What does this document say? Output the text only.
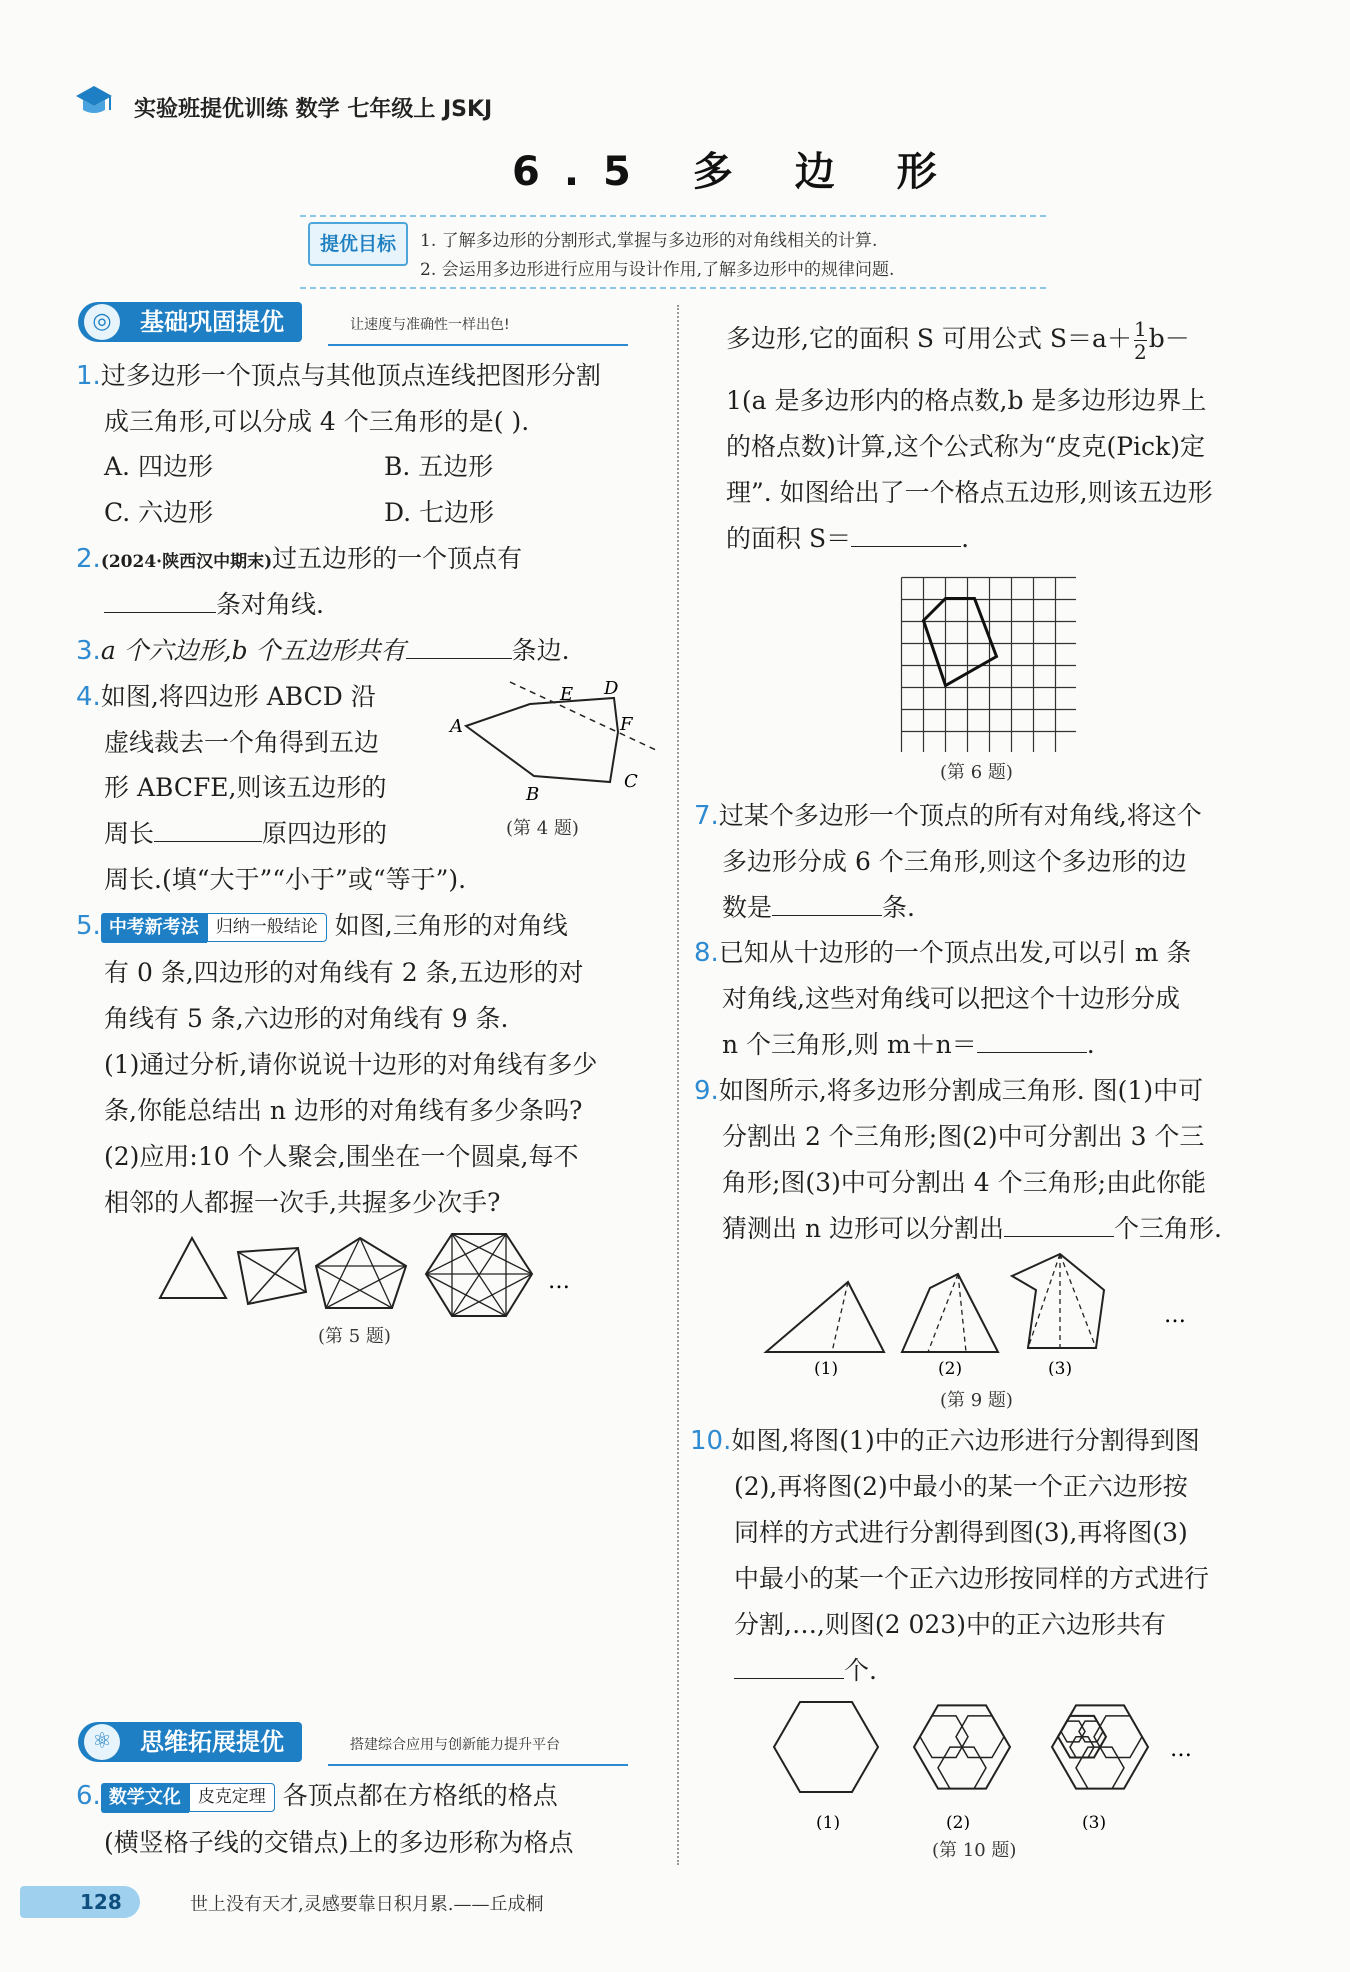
实验班提优训练 数学 七年级上 JSKJ
6.5 多 边 形
提优目标	1. 了解多边形的分割形式,掌握与多边形的对角线相关的计算.
2. 会运用多边形进行应用与设计作用,了解多边形中的规律问题.
基础巩固提优
◎	让速度与准确性一样出色!
1.过多边形一个顶点与其他顶点连线把图形分割
成三角形,可以分成 4 个三角形的是( ).
A. 四边形	B. 五边形
C. 六边形	D. 七边形
2.(2024·陕西汉中期末)过五边形的一个顶点有
条对角线.
3.a 个六边形,b 个五边形共有	条边.
4.如图,将四边形 ABCD 沿
虚线裁去一个角得到五边
形 ABCFE,则该五边形的
周长	原四边形的
周长.(填“大于”“小于”或“等于”).
A
B
C
D
E
F
(第 4 题)
5. 中考新考法 归纳一般结论 如图,三角形的对角线
有 0 条,四边形的对角线有 2 条,五边形的对
角线有 5 条,六边形的对角线有 9 条.
(1)通过分析,请你说说十边形的对角线有多少
条,你能总结出 n 边形的对角线有多少条吗?
(2)应用:10 个人聚会,围坐在一个圆桌,每不
相邻的人都握一次手,共握多少次手?
…
(第 5 题)
思维拓展提优
⚛	搭建综合应用与创新能力提升平台
6. 数学文化 皮克定理 各顶点都在方格纸的格点
(横竖格子线的交错点)上的多边形称为格点
多边形,它的面积 S 可用公式 $S=a+ \frac{1}{2} b-$
1(a 是多边形内的格点数,b 是多边形边界上
的格点数)计算,这个公式称为“皮克(Pick)定
理”. 如图给出了一个格点五边形,则该五边形
的面积 S＝	.
(第 6 题)
7.过某个多边形一个顶点的所有对角线,将这个
多边形分成 6 个三角形,则这个多边形的边
数是	条.
8.已知从十边形的一个顶点出发,可以引 m 条
对角线,这些对角线可以把这个十边形分成
n 个三角形,则 m＋n＝	.
9.如图所示,将多边形分割成三角形. 图(1)中可
分割出 2 个三角形;图(2)中可分割出 3 个三
角形;图(3)中可分割出 4 个三角形;由此你能
猜测出 n 边形可以分割出	个三角形.
…
(1)	(2)	(3)
(第 9 题)
10.如图,将图(1)中的正六边形进行分割得到图
(2),再将图(2)中最小的某一个正六边形按
同样的方式进行分割得到图(3),再将图(3)
中最小的某一个正六边形按同样的方式进行
分割,…,则图(2 023)中的正六边形共有
个.
…
(1)	(2)	(3)
(第 10 题)
128	世上没有天才,灵感要靠日积月累.——丘成桐
